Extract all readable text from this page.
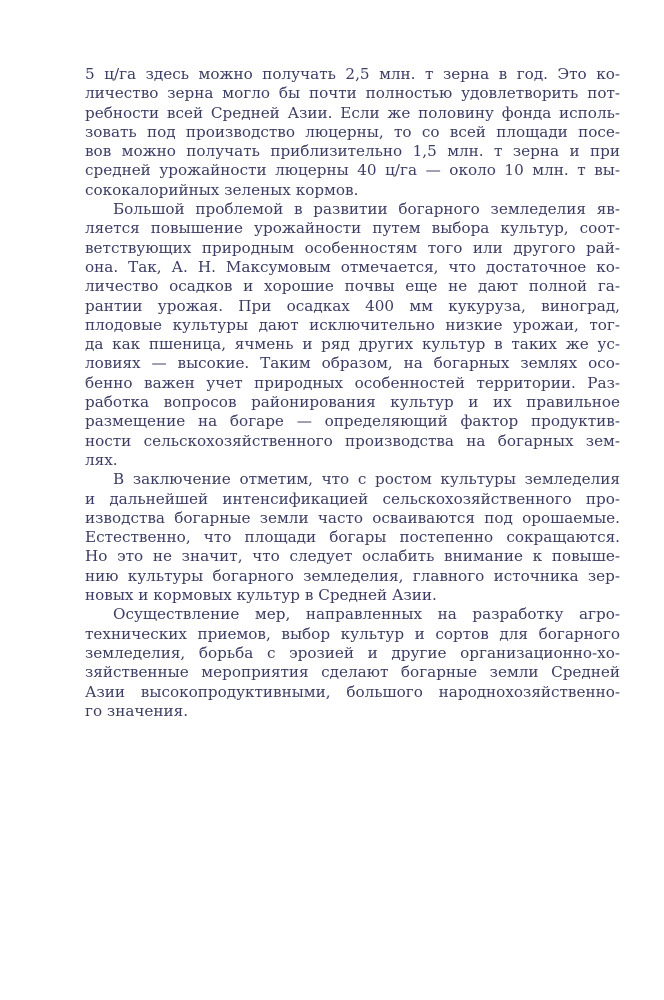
5 ц/га здесь можно получать 2,5 млн. т зерна в год. Это ко-
личество зерна могло бы почти полностью удовлетворить пот-
ребности всей Средней Азии. Если же половину фонда исполь-
зовать под производство люцерны, то со всей площади посе-
вов можно получать приблизительно 1,5 млн. т зерна и при
средней урожайности люцерны 40 ц/га — около 10 млн. т вы-
сококалорийных зеленых кормов.
Большой проблемой в развитии богарного земледелия яв-
ляется повышение урожайности путем выбора культур, соот-
ветствующих природным особенностям того или другого рай-
она. Так, А. Н. Максумовым отмечается, что достаточное ко-
личество осадков и хорошие почвы еще не дают полной га-
рантии урожая. При осадках 400 мм кукуруза, виноград,
плодовые культуры дают исключительно низкие урожаи, тог-
да как пшеница, ячмень и ряд других культур в таких же ус-
ловиях — высокие. Таким образом, на богарных землях осо-
бенно важен учет природных особенностей территории. Раз-
работка вопросов районирования культур и их правильное
размещение на богаре — определяющий фактор продуктив-
ности сельскохозяйственного производства на богарных зем-
лях.
В заключение отметим, что с ростом культуры земледелия
и дальнейшей интенсификацией сельскохозяйственного про-
изводства богарные земли часто осваиваются под орошаемые.
Естественно, что площади богары постепенно сокращаются.
Но это не значит, что следует ослабить внимание к повыше-
нию культуры богарного земледелия, главного источника зер-
новых и кормовых культур в Средней Азии.
Осуществление мер, направленных на разработку агро-
технических приемов, выбор культур и сортов для богарного
земледелия, борьба с эрозией и другие организационно-хо-
зяйственные мероприятия сделают богарные земли Средней
Азии высокопродуктивными, большого народнохозяйственно-
го значения.
